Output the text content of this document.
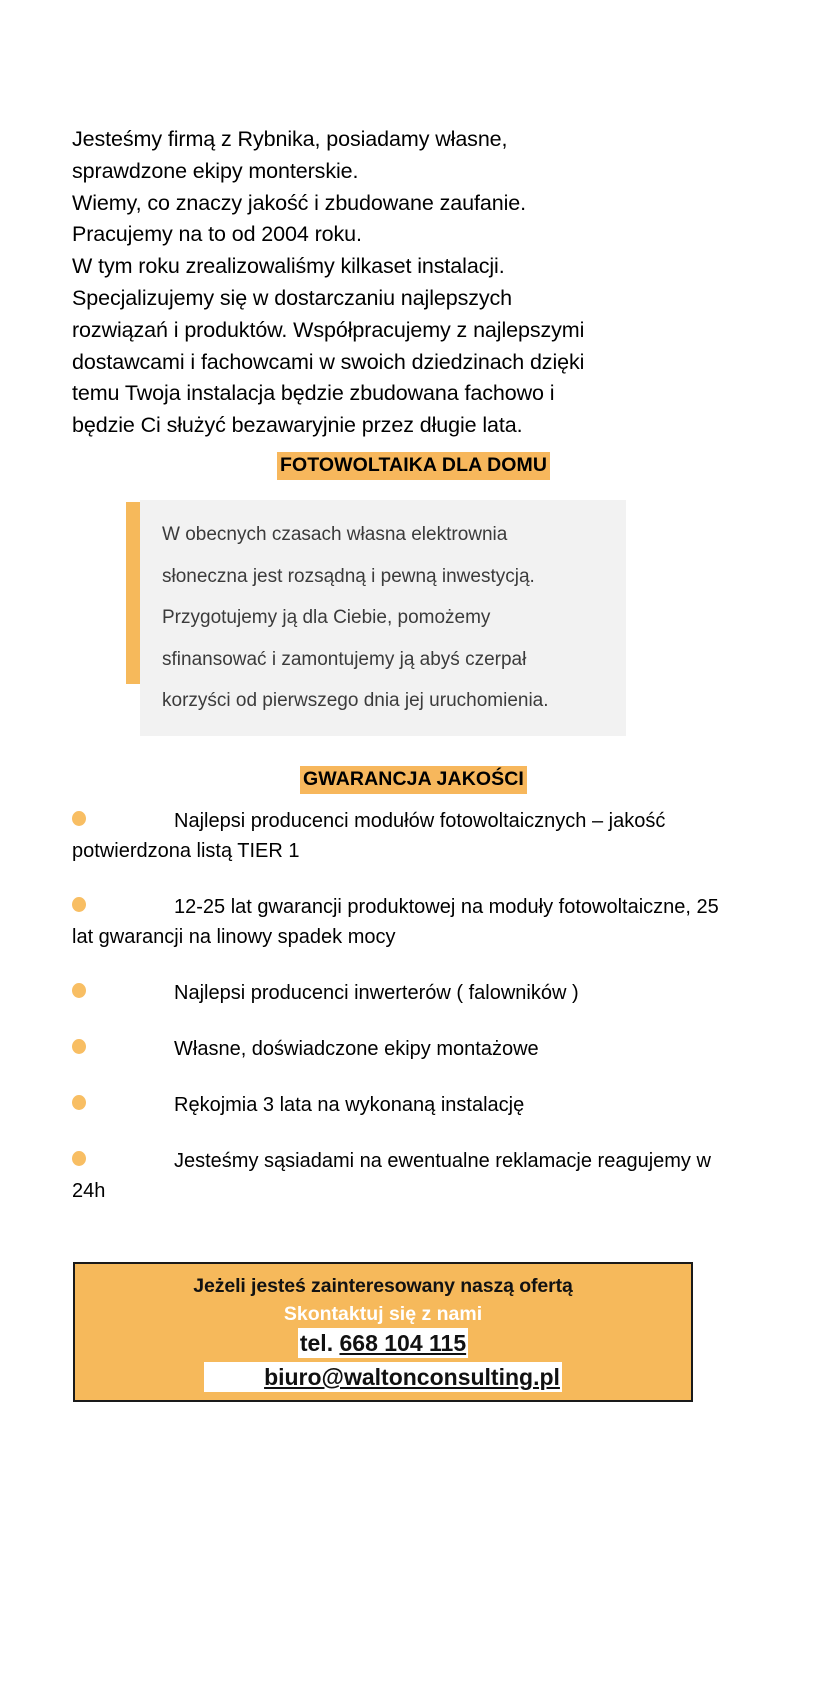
Jesteśmy firmą z Rybnika, posiadamy własne,
sprawdzone ekipy monterskie.
Wiemy, co znaczy jakość i zbudowane zaufanie.
Pracujemy na to od 2004 roku.
W tym roku zrealizowaliśmy kilkaset instalacji.
Specjalizujemy się w dostarczaniu najlepszych
rozwiązań i produktów. Współpracujemy z najlepszymi
dostawcami i fachowcami w swoich dziedzinach dzięki
temu Twoja instalacja będzie zbudowana fachowo i
będzie Ci służyć bezawaryjnie przez długie lata.
FOTOWOLTAIKA DLA DOMU
W obecnych czasach własna elektrownia
słoneczna jest rozsądną i pewną inwestycją.
Przygotujemy ją dla Ciebie, pomożemy
sfinansować i zamontujemy ją abyś czerpał
korzyści od pierwszego dnia jej uruchomienia.
GWARANCJA JAKOŚCI
Najlepsi producenci modułów fotowoltaicznych – jakość potwierdzona listą TIER 1
12-25 lat gwarancji produktowej na moduły fotowoltaiczne, 25 lat gwarancji na linowy spadek mocy
Najlepsi producenci inwerterów ( falowników )
Własne, doświadczone ekipy montażowe
Rękojmia 3 lata na wykonaną instalację
Jesteśmy sąsiadami na ewentualne reklamacje reagujemy w 24h
Jeżeli jesteś zainteresowany naszą ofertą
Skontaktuj się z nami
tel. 668 104 115
biuro@waltonconsulting.pl
